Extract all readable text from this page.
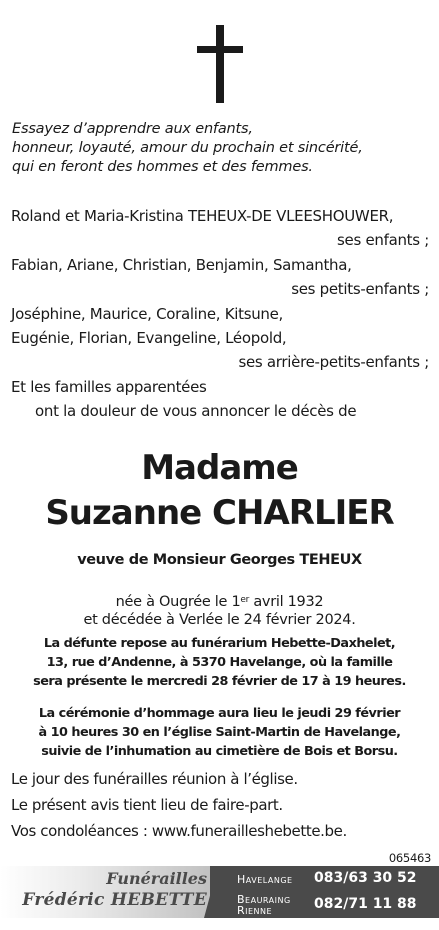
Essayez d’apprendre aux enfants,
honneur, loyauté, amour du prochain et sincérité,
qui en feront des hommes et des femmes.
Roland et Maria-Kristina TEHEUX-DE VLEESHOUWER,
ses enfants ;
Fabian, Ariane, Christian, Benjamin, Samantha,
ses petits-enfants ;
Joséphine, Maurice, Coraline, Kitsune,
Eugénie, Florian, Evangeline, Léopold,
ses arrière-petits-enfants ;
Et les familles apparentées
ont la douleur de vous annoncer le décès de
Madame
Suzanne CHARLIER
veuve de Monsieur Georges TEHEUX
née à Ougrée le 1er avril 1932
et décédée à Verlée le 24 février 2024.
La défunte repose au funérarium Hebette-Daxhelet,
13, rue d’Andenne, à 5370 Havelange, où la famille
sera présente le mercredi 28 février de 17 à 19 heures.
La cérémonie d’hommage aura lieu le jeudi 29 février
à 10 heures 30 en l’église Saint-Martin de Havelange,
suivie de l’inhumation au cimetière de Bois et Borsu.
Le jour des funérailles réunion à l’église.
Le présent avis tient lieu de faire-part.
Vos condoléances : www.funerailleshebette.be.
065463
Funérailles
Frédéric HEBETTE
Havelange 083/63 30 52
Beauraing
Rienne	082/71 11 88
